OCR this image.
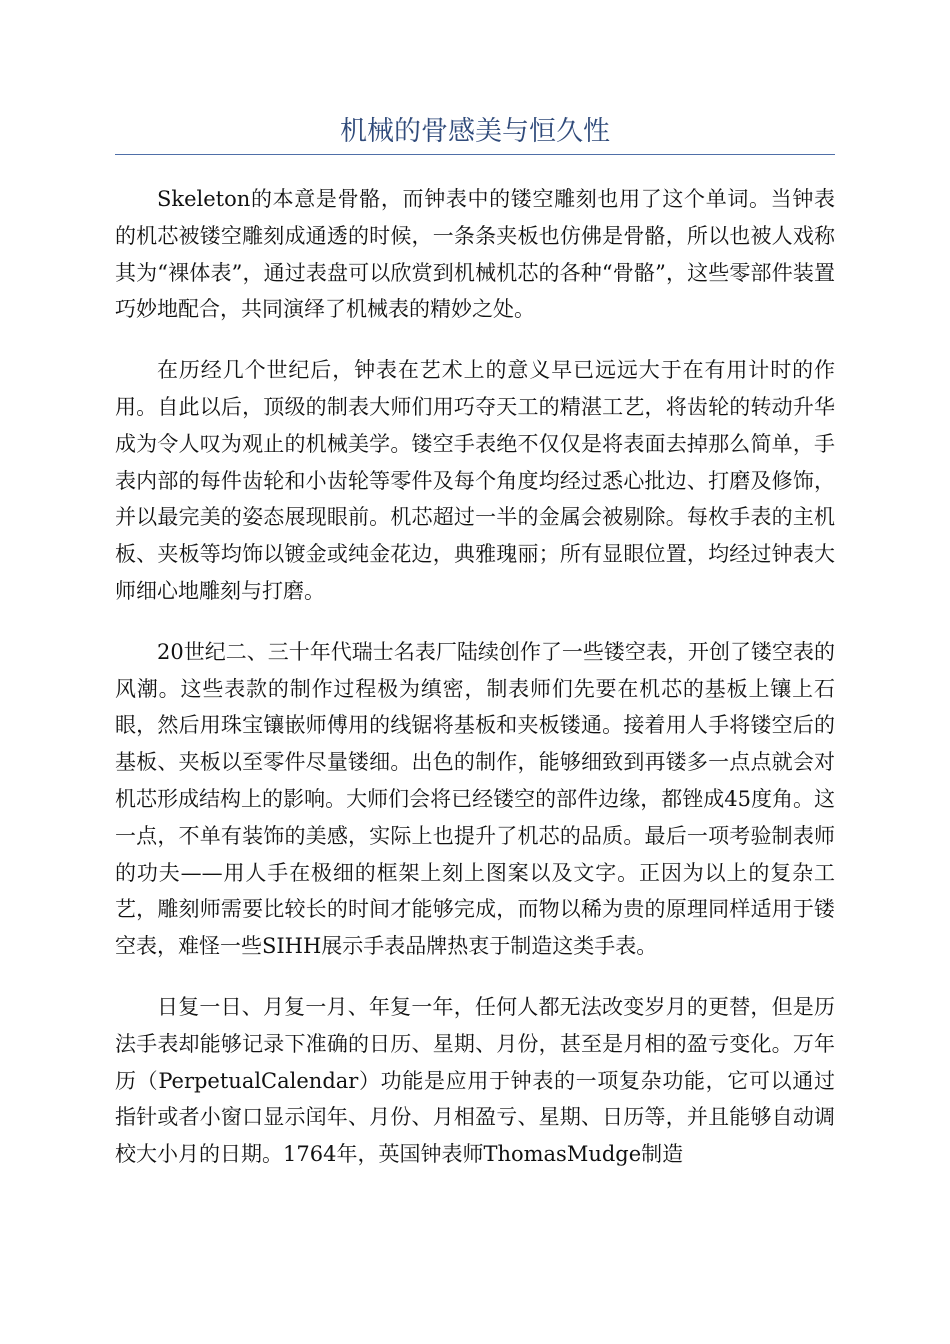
机械的骨感美与恒久性

Skeleton的本意是骨骼，而钟表中的镂空雕刻也用了这个单词。当钟表的机芯被镂空雕刻成通透的时候，一条条夹板也仿佛是骨骼，所以也被人戏称其为“裸体表”，通过表盘可以欣赏到机械机芯的各种“骨骼”，这些零部件装置巧妙地配合，共同演绎了机械表的精妙之处。

在历经几个世纪后，钟表在艺术上的意义早已远远大于在有用计时的作用。自此以后，顶级的制表大师们用巧夺天工的精湛工艺，将齿轮的转动升华成为令人叹为观止的机械美学。镂空手表绝不仅仅是将表面去掉那么简单，手表内部的每件齿轮和小齿轮等零件及每个角度均经过悉心批边、打磨及修饰，并以最完美的姿态展现眼前。机芯超过一半的金属会被剔除。每枚手表的主机板、夹板等均饰以镀金或纯金花边，典雅瑰丽；所有显眼位置，均经过钟表大师细心地雕刻与打磨。

20世纪二、三十年代瑞士名表厂陆续创作了一些镂空表，开创了镂空表的风潮。这些表款的制作过程极为缜密，制表师们先要在机芯的基板上镶上石眼，然后用珠宝镶嵌师傅用的线锯将基板和夹板镂通。接着用人手将镂空后的基板、夹板以至零件尽量镂细。出色的制作，能够细致到再镂多一点点就会对机芯形成结构上的影响。大师们会将已经镂空的部件边缘，都锉成45度角。这一点，不单有装饰的美感，实际上也提升了机芯的品质。最后一项考验制表师的功夫——用人手在极细的框架上刻上图案以及文字。正因为以上的复杂工艺，雕刻师需要比较长的时间才能够完成，而物以稀为贵的原理同样适用于镂空表，难怪一些SIHH展示手表品牌热衷于制造这类手表。

日复一日、月复一月、年复一年，任何人都无法改变岁月的更替，但是历法手表却能够记录下准确的日历、星期、月份，甚至是月相的盈亏变化。万年历（PerpetualCalendar）功能是应用于钟表的一项复杂功能，它可以通过指针或者小窗口显示闰年、月份、月相盈亏、星期、日历等，并且能够自动调校大小月的日期。1764年，英国钟表师ThomasMudge制造
